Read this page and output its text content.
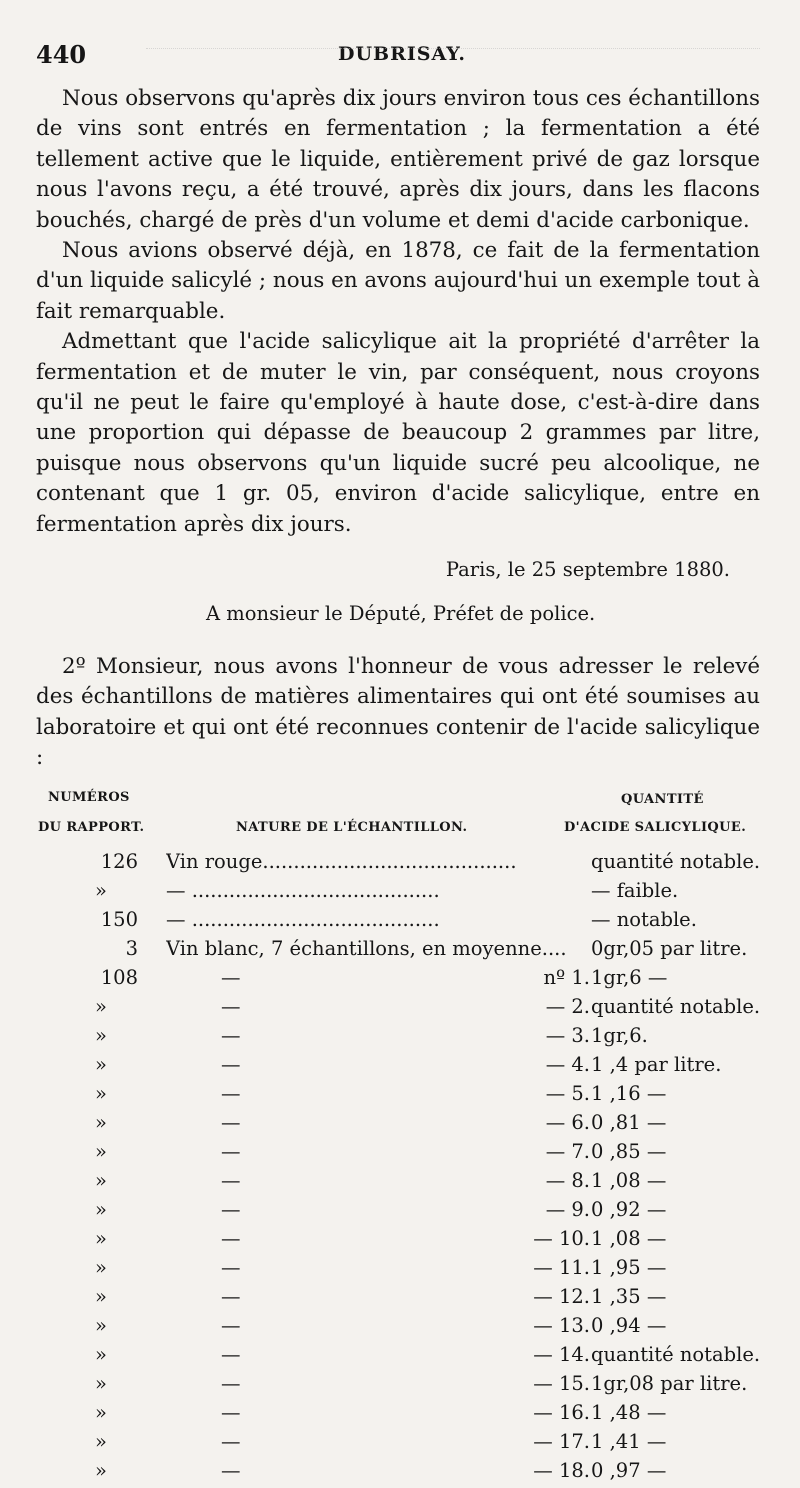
440	DUBRISAY.

Nous observons qu'après dix jours environ tous ces échantillons de vins sont entrés en fermentation ; la fermentation a été tellement active que le liquide, entièrement privé de gaz lorsque nous l'avons reçu, a été trouvé, après dix jours, dans les flacons bouchés, chargé de près d'un volume et demi d'acide carbonique.

Nous avions observé déjà, en 1878, ce fait de la fermentation d'un liquide salicylé ; nous en avons aujourd'hui un exemple tout à fait remarquable.

Admettant que l'acide salicylique ait la propriété d'arrêter la fermentation et de muter le vin, par conséquent, nous croyons qu'il ne peut le faire qu'employé à haute dose, c'est-à-dire dans une proportion qui dépasse de beaucoup 2 grammes par litre, puisque nous observons qu'un liquide sucré peu alcoolique, ne contenant que 1 gr. 05, environ d'acide salicylique, entre en fermentation après dix jours.

Paris, le 25 septembre 1880.
A monsieur le Député, Préfet de police.

2º Monsieur, nous avons l'honneur de vous adresser le relevé des échantillons de matières alimentaires qui ont été soumises au laboratoire et qui ont été reconnues contenir de l'acide salicylique :

NUMÉROS
DU RAPPORT.	NATURE DE L'ÉCHANTILLON.
QUANTITÉ
D'ACIDE SALICYLIQUE.
126 Vin rouge.........................................	quantité notable.
»	— ........................................	— faible.
150 — ........................................	— notable.
3 Vin blanc, 7 échantillons, en moyenne.... 0gr,05 par litre.
108	—	nº 1. 1gr,6 —
»	—	— 2. quantité notable.
»	—	— 3. 1gr,6.
»	—	— 4. 1 ,4 par litre.
»	—	— 5. 1 ,16 —
»	—	— 6. 0 ,81 —
»	—	— 7. 0 ,85 —
»	—	— 8. 1 ,08 —
»	—	— 9. 0 ,92 —
»	—	— 10. 1 ,08 —
»	—	— 11. 1 ,95 —
»	—	— 12. 1 ,35 —
»	—	— 13. 0 ,94 —
»	—	— 14. quantité notable.
»	—	— 15. 1gr,08 par litre.
»	—	— 16. 1 ,48 —
»	—	— 17. 1 ,41 —
»	—	— 18. 0 ,97 —
